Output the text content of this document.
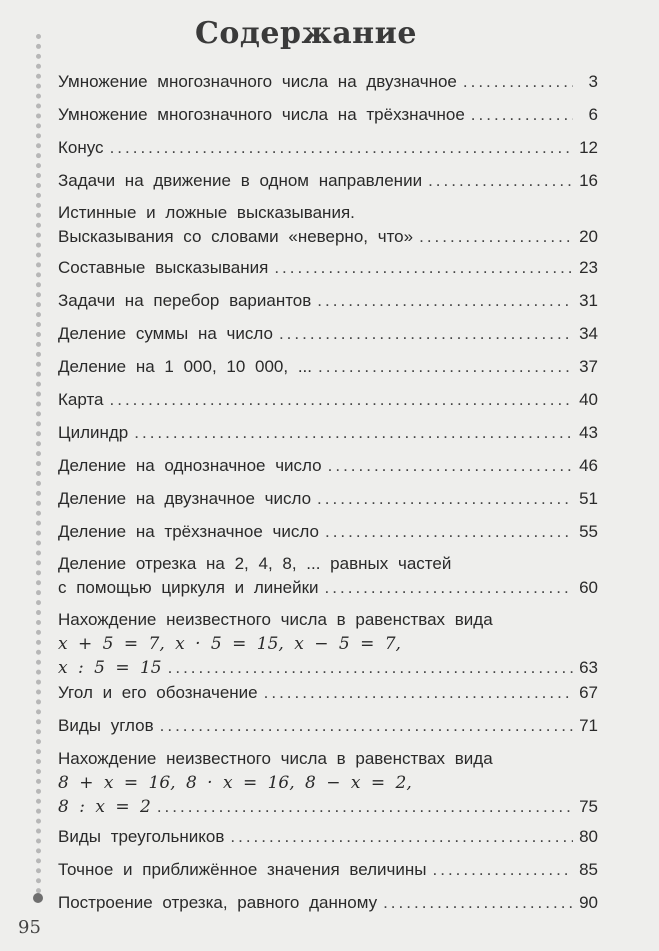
95
Содержание
Умножение многозначного числа на двузначное .....	3
Умножение многозначного числа на трёхзначное .....	6
Конус .....	12
Задачи на движение в одном направлении .....	16
Истинные и ложные высказывания.
Высказывания со словами «неверно, что» .....	20
Составные высказывания .....	23
Задачи на перебор вариантов .....	31
Деление суммы на число .....	34
Деление на 1 000, 10 000, ... .....	37
Карта .....	40
Цилиндр .....	43
Деление на однозначное число .....	46
Деление на двузначное число .....	51
Деление на трёхзначное число .....	55
Деление отрезка на 2, 4, 8, ... равных частей
с помощью циркуля и линейки .....	60
Нахождение неизвестного числа в равенствах вида
x + 5 = 7, x · 5 = 15, x − 5 = 7,
x : 5 = 15 .....	63
Угол и его обозначение .....	67
Виды углов .....	71
Нахождение неизвестного числа в равенствах вида
8 + x = 16, 8 · x = 16, 8 − x = 2,
8 : x = 2 .....	75
Виды треугольников .....	80
Точное и приближённое значения величины .....	85
Построение отрезка, равного данному .....	90
